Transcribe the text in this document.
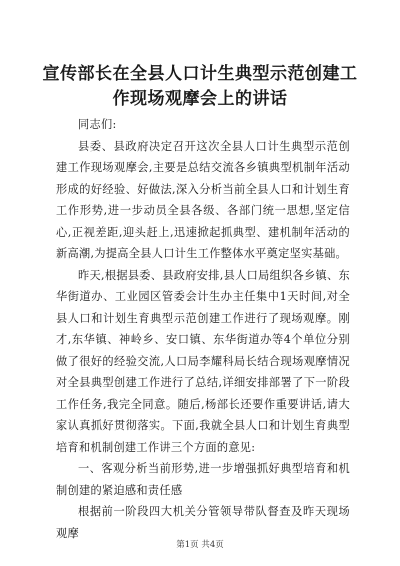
宣传部长在全县人口计生典型示范创建工作现场观摩会上的讲话

同志们:

县委、县政府决定召开这次全县人口计生典型示范创建工作现场观摩会,主要是总结交流各乡镇典型机制年活动形成的好经验、好做法,深入分析当前全县人口和计划生育工作形势,进一步动员全县各级、各部门统一思想,坚定信心,正视差距,迎头赶上,迅速掀起抓典型、建机制年活动的新高潮,为提高全县人口计生工作整体水平奠定坚实基础。

昨天,根据县委、县政府安排,县人口局组织各乡镇、东华街道办、工业园区管委会计生办主任集中1天时间,对全县人口和计划生育典型示范创建工作进行了现场观摩。刚才,东华镇、神岭乡、安口镇、东华街道办等4个单位分别做了很好的经验交流,人口局李耀科局长结合现场观摩情况对全县典型创建工作进行了总结,详细安排部署了下一阶段工作任务,我完全同意。随后,杨部长还要作重要讲话,请大家认真抓好贯彻落实。下面,我就全县人口和计划生育典型培育和机制创建工作讲三个方面的意见:

一、客观分析当前形势,进一步增强抓好典型培育和机制创建的紧迫感和责任感

根据前一阶段四大机关分管领导带队督查及昨天现场观摩

第1页 共4页
